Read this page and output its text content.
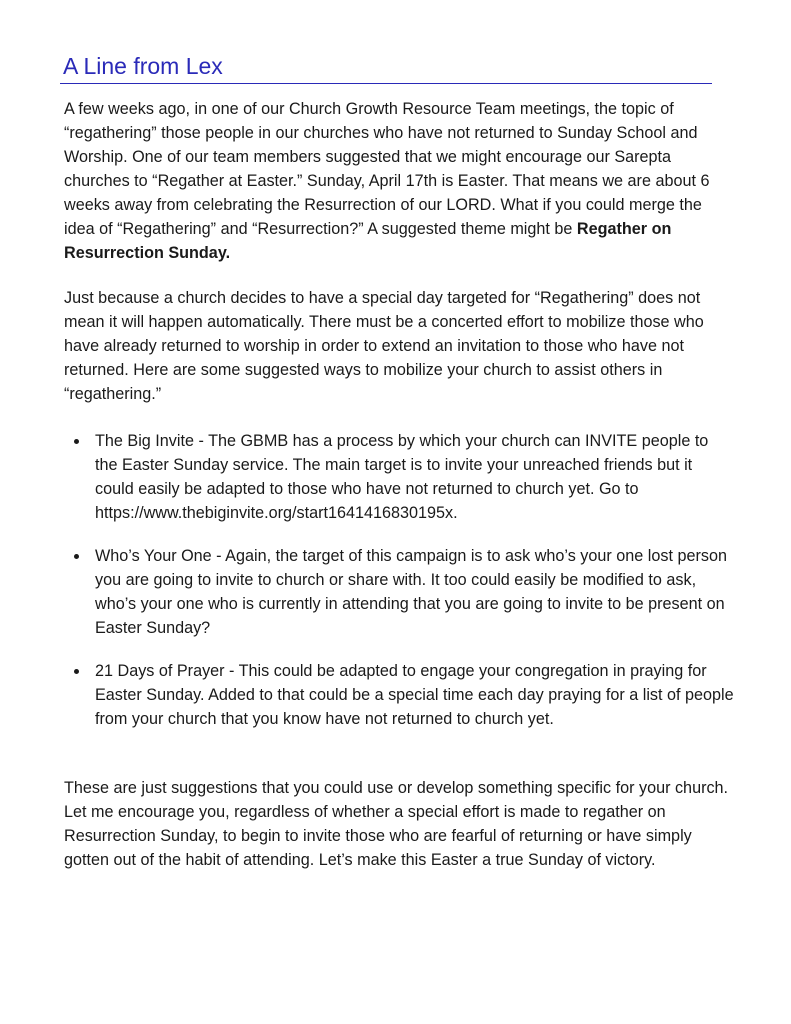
A Line from Lex

A few weeks ago, in one of our Church Growth Resource Team meetings, the topic of “regathering” those people in our churches who have not returned to Sunday School and Worship. One of our team members suggested that we might encourage our Sarepta churches to “Regather at Easter.” Sunday, April 17th is Easter. That means we are about 6 weeks away from celebrating the Resurrection of our LORD. What if you could merge the idea of “Regathering” and “Resurrection?” A suggested theme might be Regather on Resurrection Sunday.

Just because a church decides to have a special day targeted for “Regathering” does not mean it will happen automatically. There must be a concerted effort to mobilize those who have already returned to worship in order to extend an invitation to those who have not returned. Here are some suggested ways to mobilize your church to assist others in “regathering.”

The Big Invite - The GBMB has a process by which your church can INVITE people to the Easter Sunday service. The main target is to invite your unreached friends but it could easily be adapted to those who have not returned to church yet. Go to https://www.thebiginvite.org/start1641416830195x.

Who’s Your One - Again, the target of this campaign is to ask who’s your one lost person you are going to invite to church or share with. It too could easily be modified to ask, who’s your one who is currently in attending that you are going to invite to be present on Easter Sunday?

21 Days of Prayer - This could be adapted to engage your congregation in praying for Easter Sunday. Added to that could be a special time each day praying for a list of people from your church that you know have not returned to church yet.

These are just suggestions that you could use or develop something specific for your church. Let me encourage you, regardless of whether a special effort is made to regather on Resurrection Sunday, to begin to invite those who are fearful of returning or have simply gotten out of the habit of attending. Let’s make this Easter a true Sunday of victory.
